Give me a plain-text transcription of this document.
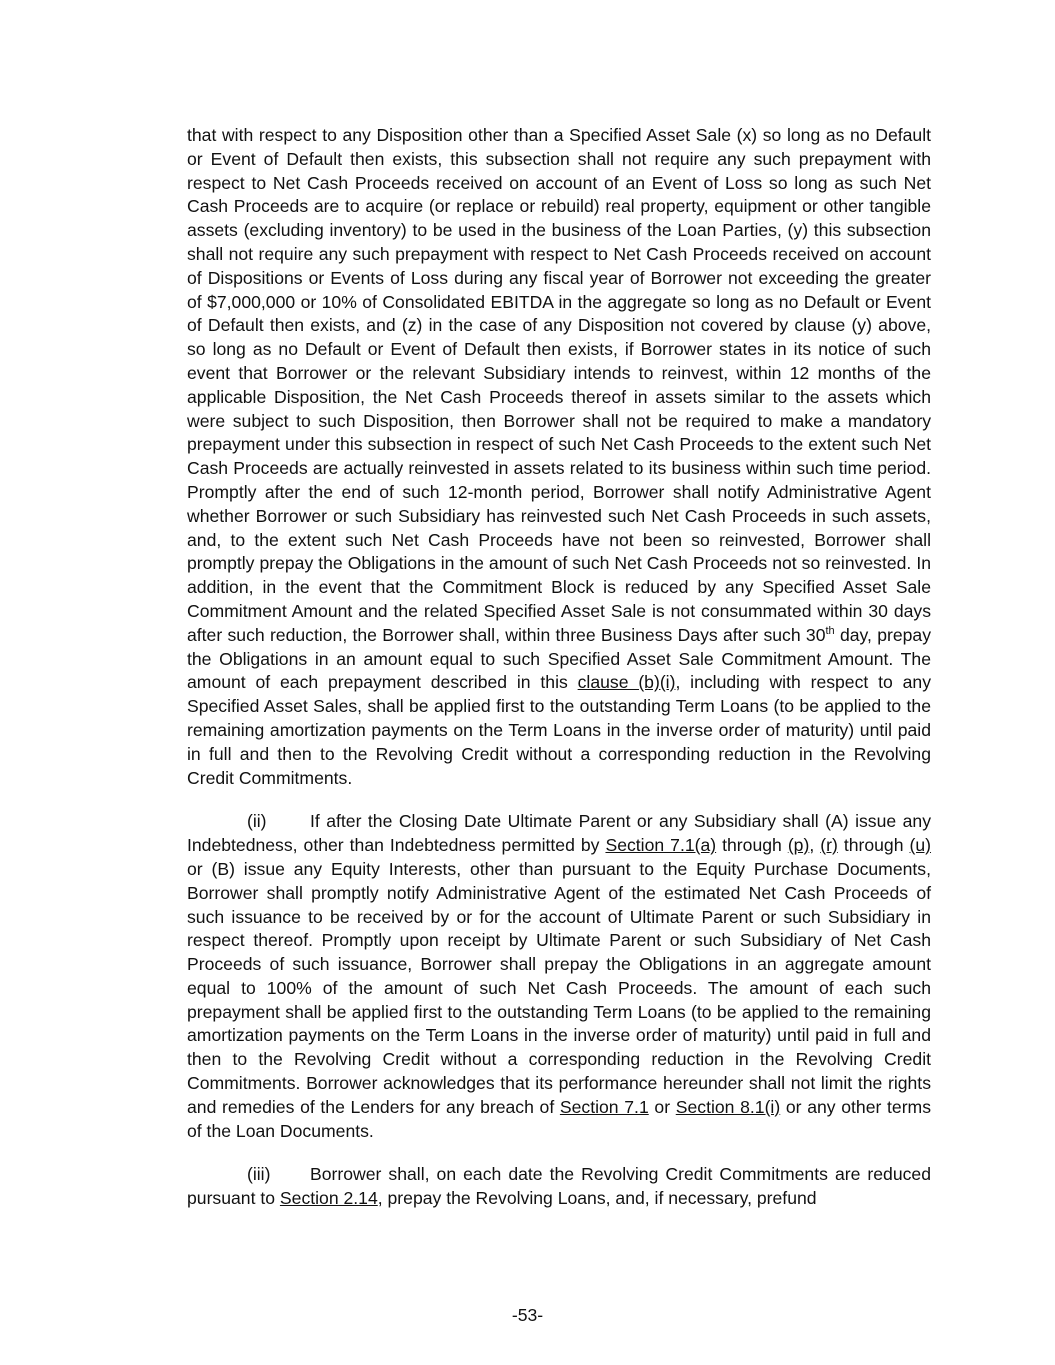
that with respect to any Disposition other than a Specified Asset Sale (x) so long as no Default or Event of Default then exists, this subsection shall not require any such prepayment with respect to Net Cash Proceeds received on account of an Event of Loss so long as such Net Cash Proceeds are to acquire (or replace or rebuild) real property, equipment or other tangible assets (excluding inventory) to be used in the business of the Loan Parties, (y) this subsection shall not require any such prepayment with respect to Net Cash Proceeds received on account of Dispositions or Events of Loss during any fiscal year of Borrower not exceeding the greater of $7,000,000 or 10% of Consolidated EBITDA in the aggregate so long as no Default or Event of Default then exists, and (z) in the case of any Disposition not covered by clause (y) above, so long as no Default or Event of Default then exists, if Borrower states in its notice of such event that Borrower or the relevant Subsidiary intends to reinvest, within 12 months of the applicable Disposition, the Net Cash Proceeds thereof in assets similar to the assets which were subject to such Disposition, then Borrower shall not be required to make a mandatory prepayment under this subsection in respect of such Net Cash Proceeds to the extent such Net Cash Proceeds are actually reinvested in assets related to its business within such time period. Promptly after the end of such 12-month period, Borrower shall notify Administrative Agent whether Borrower or such Subsidiary has reinvested such Net Cash Proceeds in such assets, and, to the extent such Net Cash Proceeds have not been so reinvested, Borrower shall promptly prepay the Obligations in the amount of such Net Cash Proceeds not so reinvested. In addition, in the event that the Commitment Block is reduced by any Specified Asset Sale Commitment Amount and the related Specified Asset Sale is not consummated within 30 days after such reduction, the Borrower shall, within three Business Days after such 30th day, prepay the Obligations in an amount equal to such Specified Asset Sale Commitment Amount. The amount of each prepayment described in this clause (b)(i), including with respect to any Specified Asset Sales, shall be applied first to the outstanding Term Loans (to be applied to the remaining amortization payments on the Term Loans in the inverse order of maturity) until paid in full and then to the Revolving Credit without a corresponding reduction in the Revolving Credit Commitments.

(ii) If after the Closing Date Ultimate Parent or any Subsidiary shall (A) issue any Indebtedness, other than Indebtedness permitted by Section 7.1(a) through (p), (r) through (u) or (B) issue any Equity Interests, other than pursuant to the Equity Purchase Documents, Borrower shall promptly notify Administrative Agent of the estimated Net Cash Proceeds of such issuance to be received by or for the account of Ultimate Parent or such Subsidiary in respect thereof. Promptly upon receipt by Ultimate Parent or such Subsidiary of Net Cash Proceeds of such issuance, Borrower shall prepay the Obligations in an aggregate amount equal to 100% of the amount of such Net Cash Proceeds. The amount of each such prepayment shall be applied first to the outstanding Term Loans (to be applied to the remaining amortization payments on the Term Loans in the inverse order of maturity) until paid in full and then to the Revolving Credit without a corresponding reduction in the Revolving Credit Commitments. Borrower acknowledges that its performance hereunder shall not limit the rights and remedies of the Lenders for any breach of Section 7.1 or Section 8.1(i) or any other terms of the Loan Documents.

(iii) Borrower shall, on each date the Revolving Credit Commitments are reduced pursuant to Section 2.14, prepay the Revolving Loans, and, if necessary, prefund

-53-
